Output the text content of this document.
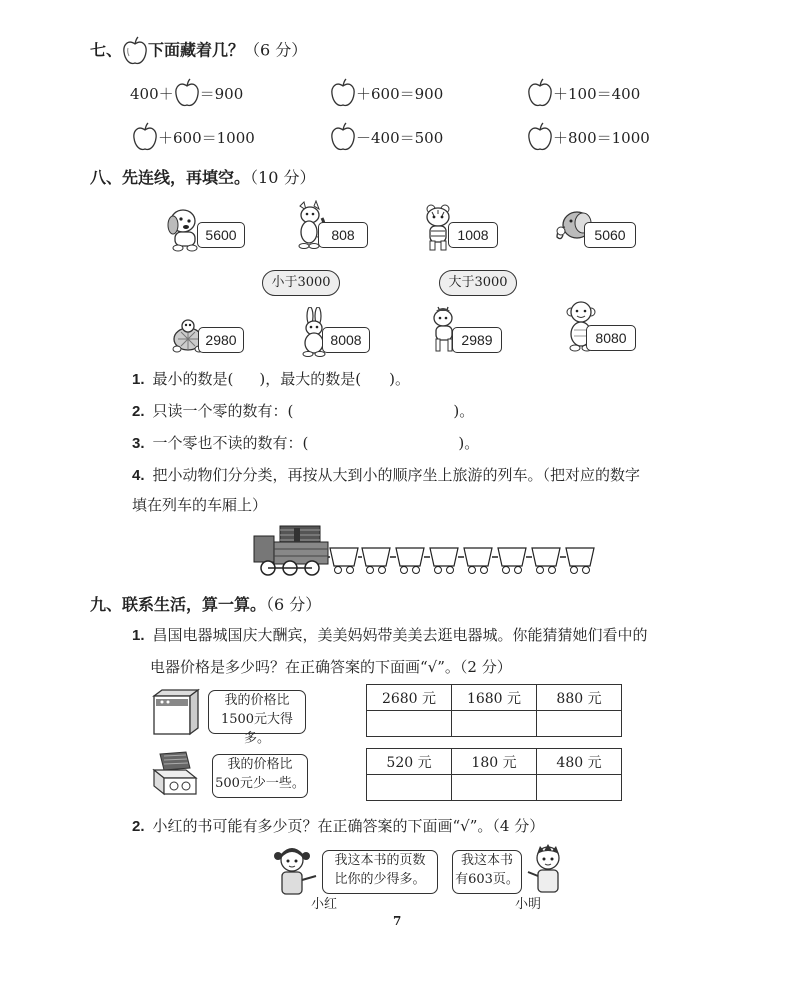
七、 下面藏着几？（6 分）
400＋ ＝900	＋600＝900	＋100＝400
＋600＝1000	－400＝500	＋800＝1000
八、先连线，再填空。（10 分）
5600	808	1008	5060
小于3000	大于3000
2980	8008	2989	8080
1. 最小的数是( )，最大的数是( )。
2. 只读一个零的数有：(	)。
3. 一个零也不读的数有：(	)。
4. 把小动物们分分类，再按从大到小的顺序坐上旅游的列车。（把对应的数字
填在列车的车厢上）
九、联系生活，算一算。（6 分）
1. 昌国电器城国庆大酬宾，美美妈妈带美美去逛电器城。你能猜猜她们看中的
电器价格是多少吗？在正确答案的下面画“√”。（2 分）
我的价格比
1500元大得多。
2680 元	1680 元	880 元

我的价格比
500元少一些。
520 元	180 元	480 元

2. 小红的书可能有多少页？在正确答案的下面画“√”。（4 分）
我这本书的页数
比你的少得多。
小红
我这本书
有603页。
小明
7
